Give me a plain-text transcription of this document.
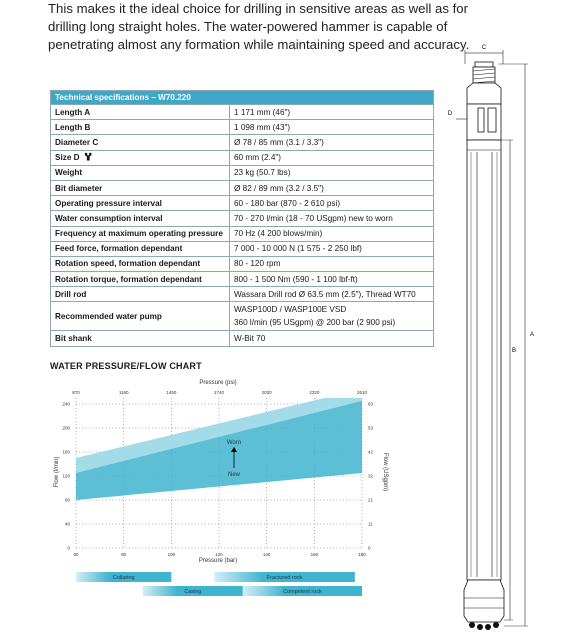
This makes it the ideal choice for drilling in sensitive areas as well as for
drilling long straight holes. The water-powered hammer is capable of
penetrating almost any formation while maintaining speed and accuracy.
Technical specifications – W70.220	
Length A	1 171 mm (46")
Length B	1 098 mm (43")
Diameter C	Ø 78 / 85 mm (3.1 / 3.3")
Size D	60 mm (2.4")
Weight	23 kg (50.7 lbs)
Bit diameter	Ø 82 / 89 mm (3.2 / 3.5")
Operating pressure interval	60 - 180 bar (870 - 2 610 psi)
Water consumption interval	70 - 270 l/min (18 - 70 USgpm) new to worn
Frequency at maximum operating pressure	70 Hz (4 200 blows/min)
Feed force, formation dependant	7 000 - 10 000 N (1 575 - 2 250 lbf)
Rotation speed, formation dependant	80 - 120 rpm
Rotation torque, formation dependant	800 - 1 500 Nm (590 - 1 100 lbf-ft)
Drill rod	Wassara Drill rod Ø 63.5 mm (2.5"), Thread WT70
Recommended water pump	WASP100D / WASP100E VSD
360 l/min (95 USgpm) @ 200 bar (2 900 psi)

Bit shank	W-Bit 70
WATER PRESSURE/FLOW CHART
60	80	100	120	140	160	180
870	1160	1450	1740	2030	2320	2610
0
40
80
120
160
200
240
0
11
21
32
42
53
63
Pressure (psi)
Pressure (bar)
Flow (l/min)	Flow (USgpm)
Worn
New
Collaring	Fractured rock
Casing	Competent rock
C
D
A
B
